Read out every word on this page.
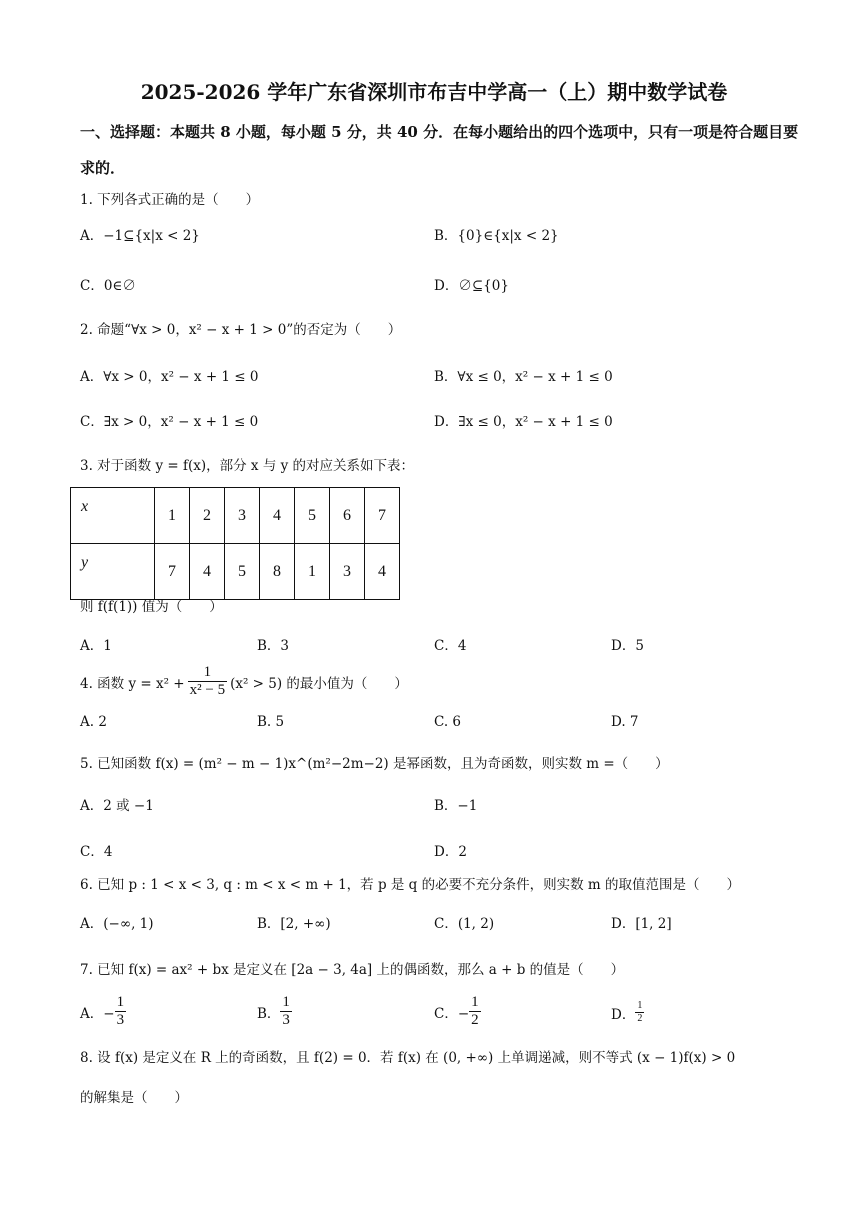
2025-2026 学年广东省深圳市布吉中学高一（上）期中数学试卷
一、选择题：本题共 8 小题，每小题 5 分，共 40 分．在每小题给出的四个选项中，只有一项是符合题目要求的．
1. 下列各式正确的是（　　）
A．−1⊆{x|x < 2}	B．{0}∈{x|x < 2}
C．0∈∅	D．∅⊆{0}
2. 命题“∀x > 0，x² − x + 1 > 0”的否定为（　　）
A．∀x > 0，x² − x + 1 ≤ 0	B．∀x ≤ 0，x² − x + 1 ≤ 0
C．∃x > 0，x² − x + 1 ≤ 0	D．∃x ≤ 0，x² − x + 1 ≤ 0
3. 对于函数 y = f(x)，部分 x 与 y 的对应关系如下表：
x	1	2	3	4	5	6	7
y	7	4	5	8	1	3	4
则 f(f(1)) 值为（　　）
A．1	B．3	C．4	D．5
4. 函数 $y = x^2 + \frac{1}{\text{x² − 5}} (x^2 > 5)$ 的最小值为（　　）
A. 2	B. 5	C. 6	D. 7
5. 已知函数 f(x) = (m² − m − 1)x^(m²−2m−2) 是幂函数，且为奇函数，则实数 m =（　　）
A．2 或 −1	B．−1
C．4	D．2
6. 已知 p : 1 < x < 3, q : m < x < m + 1，若 p 是 q 的必要不充分条件，则实数 m 的取值范围是（　　）
A．(−∞, 1)	B．[2, +∞)	C．(1, 2)	D．[1, 2]
7. 已知 f(x) = ax² + bx 是定义在 [2a − 3, 4a] 上的偶函数，那么 a + b 的值是（　　）
A．− $\frac{1}{3}$	B． $\frac{1}{3}$	C．− $\frac{1}{2}$	D． $\frac{1}{2}$
8. 设 f(x) 是定义在 R 上的奇函数，且 f(2) = 0．若 f(x) 在 (0, +∞) 上单调递减，则不等式 (x − 1)f(x) > 0
的解集是（　　）
